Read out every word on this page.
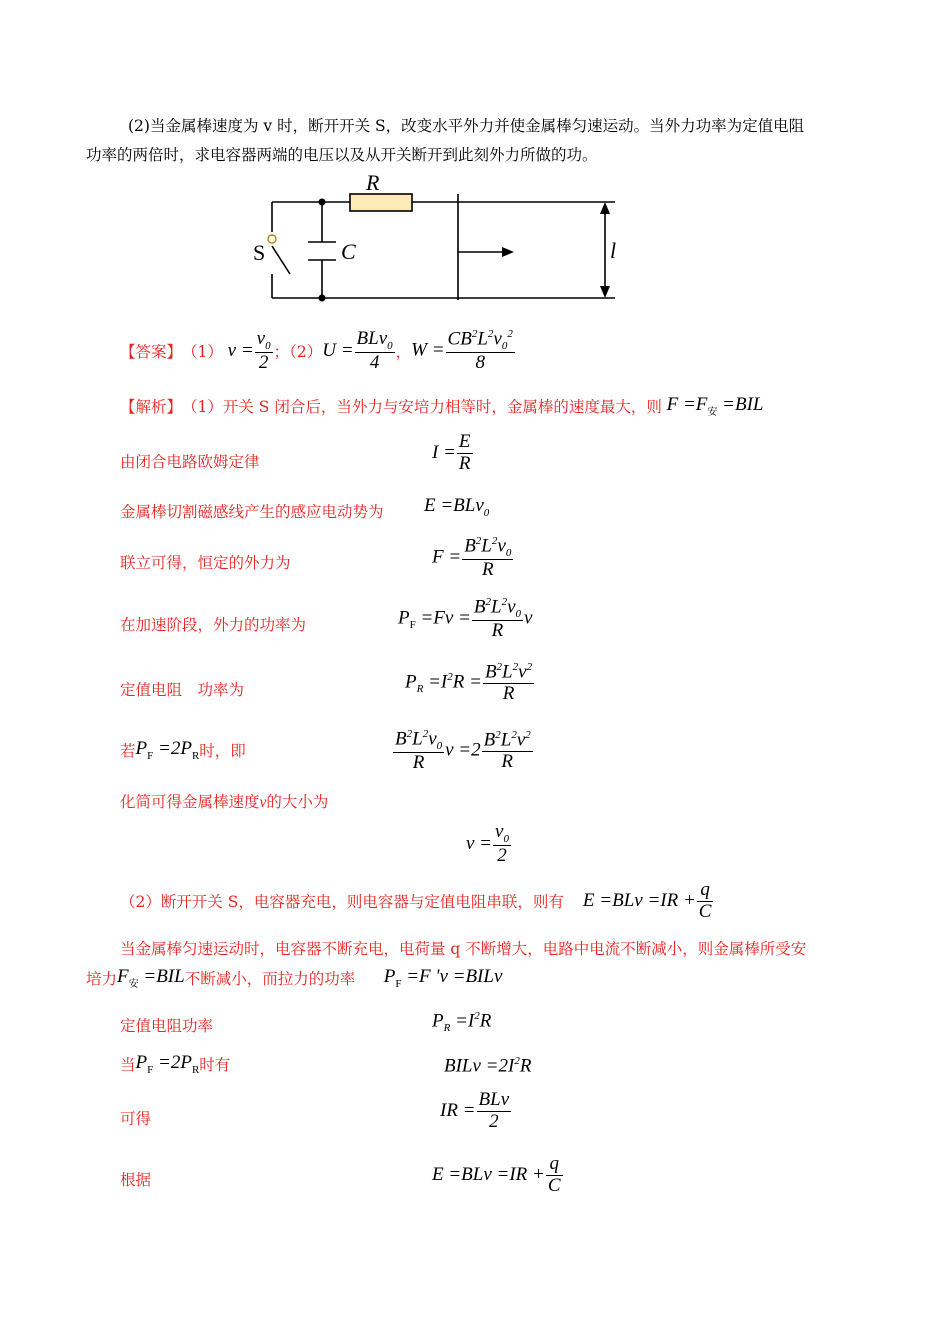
(2)当金属棒速度为 v 时，断开开关 S，改变水平外力并使金属棒匀速运动。当外力功率为定值电阻
功率的两倍时，求电容器两端的电压以及从开关断开到此刻外力所做的功。
R
C
S	l
【答案】 （1） $v = \frac{v_0}{2}$ ；（2） $U = \frac{BLv_0}{4}$ ， $W = \frac{CB^2L^2v_0^2}{8}$
【解析】 （1）开关 S 闭合后，当外力与安培力相等时，金属棒的速度最大，则 $F =F_安 =BIL$
由闭合电路欧姆定律	$I = \frac{E}{R}$
金属棒切割磁感线产生的感应电动势为 E =BLv$_0$
联立可得，恒定的外力为	$F = \frac{B^2L^2v_0}{R}$
在加速阶段，外力的功率为	$P_F =Fv = \frac{B^2L^2v_0}{R}$ v
定值电阻　功率为	$P_R =I^2R = \frac{B^2L^2v^2}{R}$
若 $P_F =2P_R$ 时，即	$\frac{B^2L^2v_0}{R}$ $v =2 \frac{B^2L^2v^2}{R}$
化简可得金属棒速度v的大小为
$v = \frac{v_0}{2}$
（2）断开开关 S，电容器充电，则电容器与定值电阻串联，则有 $E =BLv =IR + \frac{q}{C}$
当金属棒匀速运动时，电容器不断充电，电荷量 q 不断增大，电路中电流不断减小，则金属棒所受安
培力 $F_安 =BIL$ 不断减小，而拉力的功率 $P_F =F$ 'v =BILv
定值电阻功率	$P_R =I^2R$
当 $P_F =2P_R$ 时有	BILv $=2I^2R$
可得	IR = $\frac{\text{BLv}}{2}$
根据	$E =BLv =IR + \frac{q}{C}$
